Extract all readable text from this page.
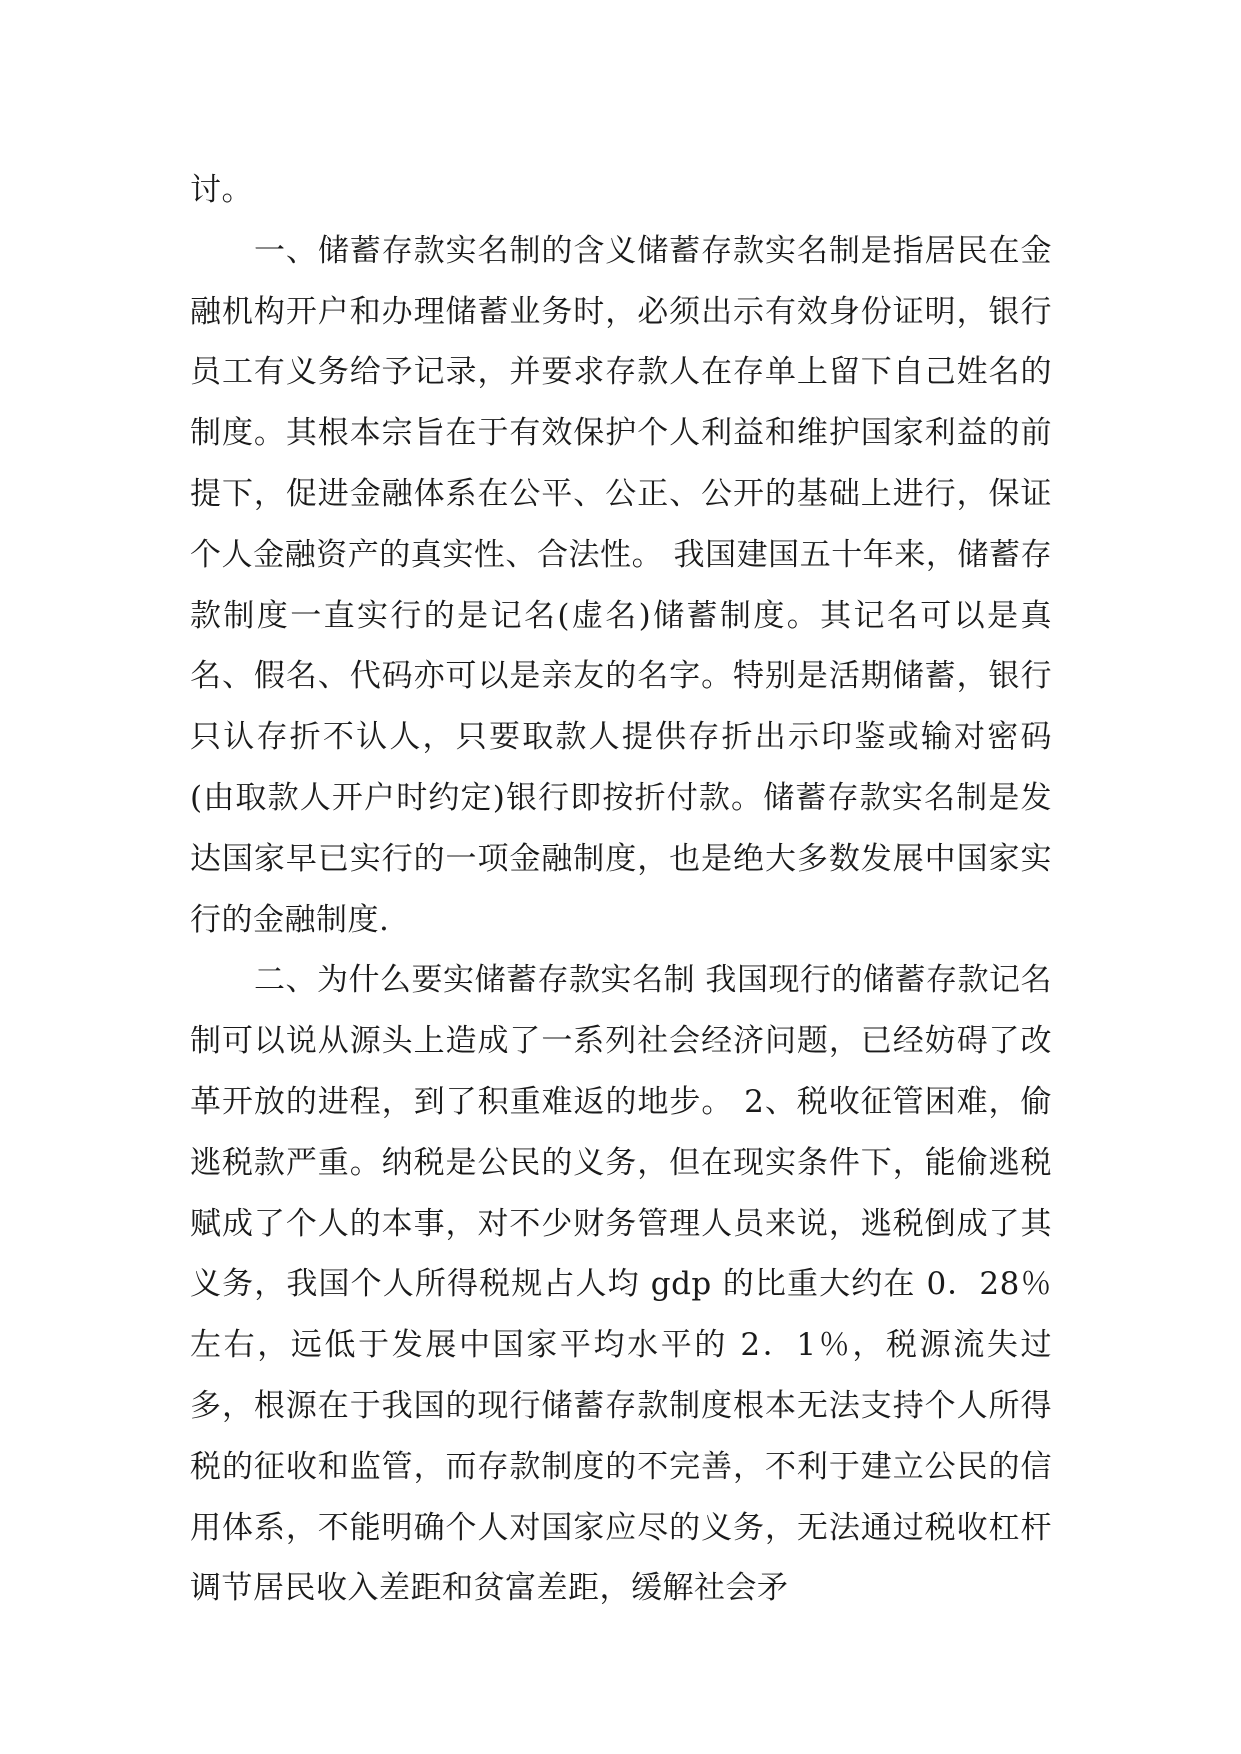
讨。

一、储蓄存款实名制的含义储蓄存款实名制是指居民在金融机构开户和办理储蓄业务时，必须出示有效身份证明，银行员工有义务给予记录，并要求存款人在存单上留下自己姓名的制度。其根本宗旨在于有效保护个人利益和维护国家利益的前提下，促进金融体系在公平、公正、公开的基础上进行，保证个人金融资产的真实性、合法性。 我国建国五十年来，储蓄存款制度一直实行的是记名(虚名)储蓄制度。其记名可以是真名、假名、代码亦可以是亲友的名字。特别是活期储蓄，银行只认存折不认人，只要取款人提供存折出示印鉴或输对密码(由取款人开户时约定)银行即按折付款。储蓄存款实名制是发达国家早已实行的一项金融制度，也是绝大多数发展中国家实行的金融制度.

二、为什么要实储蓄存款实名制 我国现行的储蓄存款记名制可以说从源头上造成了一系列社会经济问题，已经妨碍了改革开放的进程，到了积重难返的地步。 2、税收征管困难，偷逃税款严重。纳税是公民的义务，但在现实条件下，能偷逃税赋成了个人的本事，对不少财务管理人员来说，逃税倒成了其义务，我国个人所得税规占人均 gdp 的比重大约在 0．28％左右，远低于发展中国家平均水平的 2．1％，税源流失过多，根源在于我国的现行储蓄存款制度根本无法支持个人所得税的征收和监管，而存款制度的不完善，不利于建立公民的信用体系，不能明确个人对国家应尽的义务，无法通过税收杠杆调节居民收入差距和贫富差距，缓解社会矛
